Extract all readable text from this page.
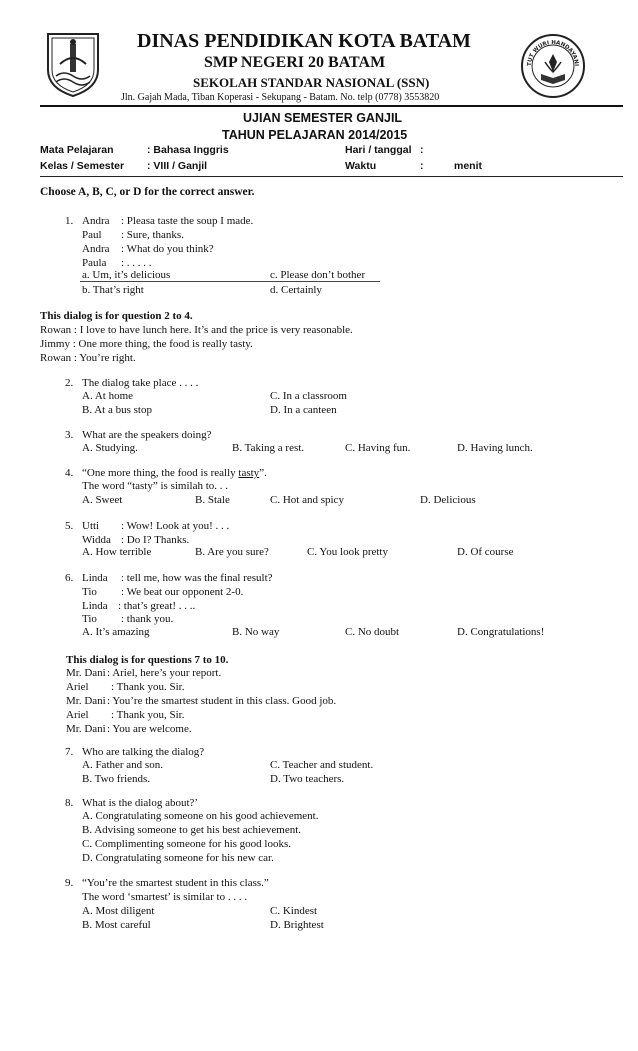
DINAS PENDIDIKAN KOTA BATAM
SMP NEGERI 20 BATAM
SEKOLAH STANDAR NASIONAL (SSN)
Jln. Gajah Mada, Tiban Koperasi - Sekupang - Batam. No. telp (0778) 3553820
TUT WURI HANDAYANI
UJIAN SEMESTER GANJIL
TAHUN PELAJARAN 2014/2015
Mata Pelajaran	: Bahasa Inggris	Hari / tanggal :
Kelas / Semester : VIII / Ganjil	Waktu	:	menit
Choose A, B, C, or D for the correct answer.
1. Andra : Pleasa taste the soup I made.
Paul : Sure, thanks.
Andra : What do you think?
Paula : . . . . .
a. Um, it’s delicious	c. Please don’t bother
b. That’s right	d. Certainly
This dialog is for question 2 to 4.
Rowan : I love to have lunch here. It’s and the price is very reasonable.
Jimmy : One more thing, the food is really tasty.
Rowan : You’re right.
2. The dialog take place . . . .
A. At home	C. In a classroom
B. At a bus stop	D. In a canteen
3. What are the speakers doing?
A. Studying.	B. Taking a rest.	C. Having fun.	D. Having lunch.
4. “One more thing, the food is really tasty”.
The word “tasty” is similah to. . .
A. Sweet	B. Stale	C. Hot and spicy	D. Delicious
5. Utti : Wow! Look at you! . . .
Widda : Do I? Thanks.
A. How terrible	B. Are you sure?	C. You look pretty	D. Of course
6. Linda : tell me, how was the final result?
Tio : We beat our opponent 2-0.
Linda : that’s great! . . ..
Tio : thank you.
A. It’s amazing	B. No way	C. No doubt	D. Congratulations!
This dialog is for questions 7 to 10.
Mr. Dani : Ariel, here’s your report.
Ariel : Thank you. Sir.
Mr. Dani : You’re the smartest student in this class. Good job.
Ariel : Thank you, Sir.
Mr. Dani : You are welcome.
7. Who are talking the dialog?
A. Father and son.	C. Teacher and student.
B. Two friends.	D. Two teachers.
8. What is the dialog about?’
A. Congratulating someone on his good achievement.
B. Advising someone to get his best achievement.
C. Complimenting someone for his good looks.
D. Congratulating someone for his new car.
9. “You’re the smartest student in this class.”
The word ‘smartest’ is similar to . . . .
A. Most diligent	C. Kindest
B. Most careful	D. Brightest
